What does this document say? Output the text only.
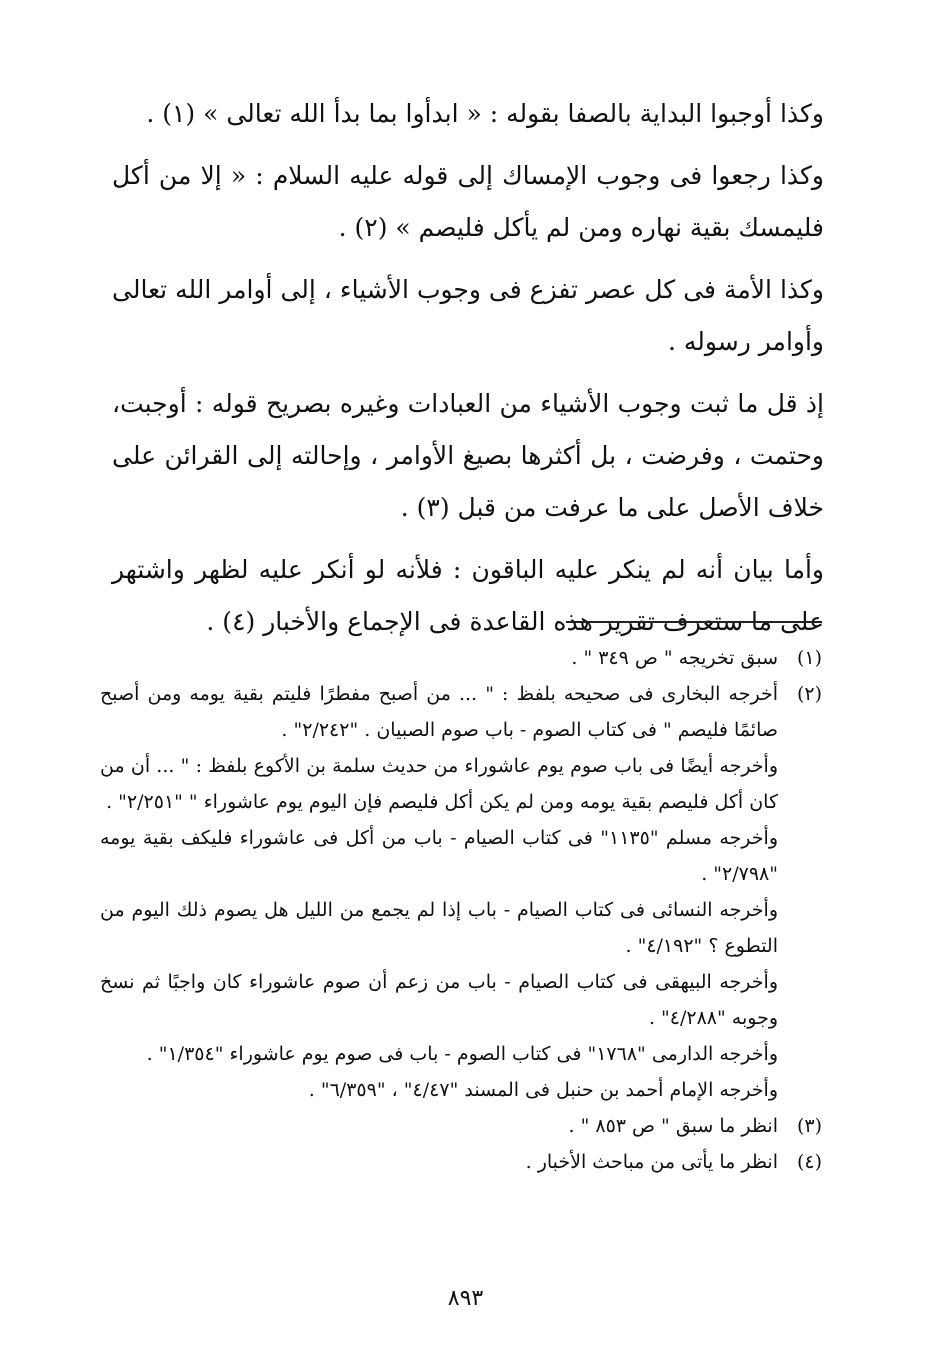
وكذا أوجبوا البداية بالصفا بقوله : « ابدأوا بما بدأ الله تعالى » (١) .

وكذا رجعوا فى وجوب الإمساك إلى قوله عليه السلام : « إلا من أكل فليمسك بقية نهاره ومن لم يأكل فليصم » (٢) .

وكذا الأمة فى كل عصر تفزع فى وجوب الأشياء ، إلى أوامر الله تعالى وأوامر رسوله .

إذ قل ما ثبت وجوب الأشياء من العبادات وغيره بصريح قوله : أوجبت، وحتمت ، وفرضت ، بل أكثرها بصيغ الأوامر ، وإحالته إلى القرائن على خلاف الأصل على ما عرفت من قبل (٣) .

وأما بيان أنه لم ينكر عليه الباقون : فلأنه لو أنكر عليه لظهر واشتهر على ما ستعرف تقرير هذه القاعدة فى الإجماع والأخبار (٤) .

(١)

سبق تخريجه " ص ٣٤٩ " .

(٢)

أخرجه البخارى فى صحيحه بلفظ : " ... من أصبح مفطرًا فليتم بقية يومه ومن أصبح صائمًا فليصم " فى كتاب الصوم - باب صوم الصبيان . "٢/٢٤٢" .

وأخرجه أيضًا فى باب صوم يوم عاشوراء من حديث سلمة بن الأكوع بلفظ : " ... أن من كان أكل فليصم بقية يومه ومن لم يكن أكل فليصم فإن اليوم يوم عاشوراء " "٢/٢٥١" .

وأخرجه مسلم "١١٣٥" فى كتاب الصيام - باب من أكل فى عاشوراء فليكف بقية يومه "٢/٧٩٨" .

وأخرجه النسائى فى كتاب الصيام - باب إذا لم يجمع من الليل هل يصوم ذلك اليوم من التطوع ؟ "٤/١٩٢" .

وأخرجه البيهقى فى كتاب الصيام - باب من زعم أن صوم عاشوراء كان واجبًا ثم نسخ وجوبه "٤/٢٨٨" .

وأخرجه الدارمى "١٧٦٨" فى كتاب الصوم - باب فى صوم يوم عاشوراء "١/٣٥٤" .

وأخرجه الإمام أحمد بن حنبل فى المسند "٤/٤٧" ، "٦/٣٥٩" .

(٣)

انظر ما سبق " ص ٨٥٣ " .

(٤)

انظر ما يأتى من مباحث الأخبار .

٨٩٣
